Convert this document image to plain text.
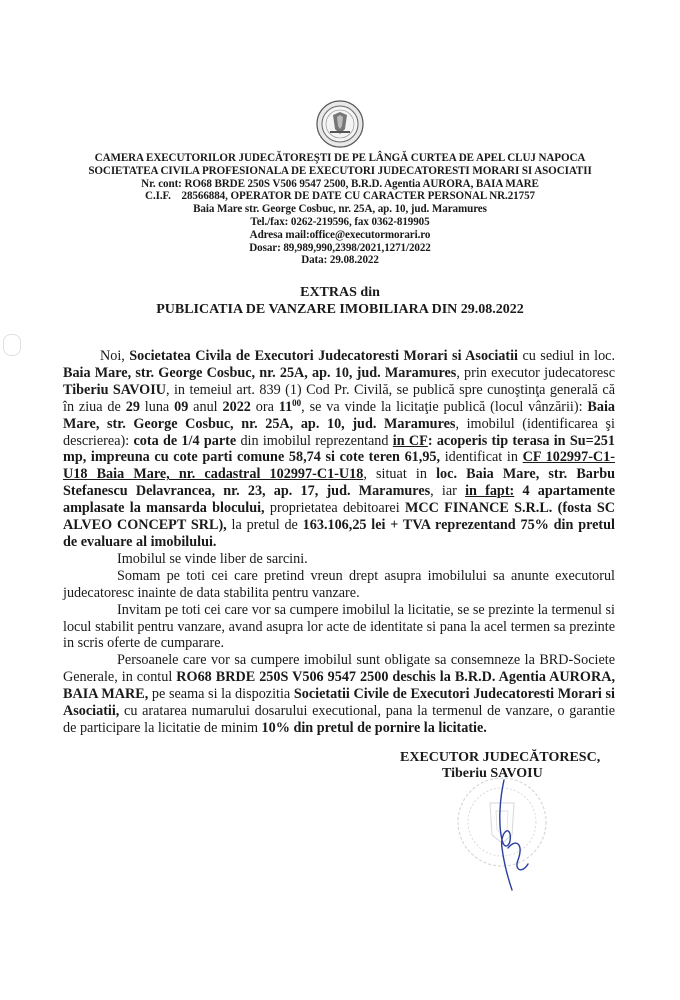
CAMERA EXECUTORILOR JUDECĂTOREŞTI DE PE LÂNGĂ CURTEA DE APEL CLUJ NAPOCA
SOCIETATEA CIVILA PROFESIONALA DE EXECUTORI JUDECATORESTI MORARI SI ASOCIATII
Nr. cont: RO68 BRDE 250S V506 9547 2500, B.R.D. Agentia AURORA, BAIA MARE
C.I.F.    28566884, OPERATOR DE DATE CU CARACTER PERSONAL NR.21757
Baia Mare str. George Cosbuc, nr. 25A, ap. 10, jud. Maramures
Tel./fax: 0262-219596, fax 0362-819905
Adresa mail:office@executormorari.ro
Dosar: 89,989,990,2398/2021,1271/2022
Data: 29.08.2022
EXTRAS din
PUBLICATIA DE VANZARE IMOBILIARA DIN 29.08.2022

Noi, Societatea Civila de Executori Judecatoresti Morari si Asociatii cu sediul in loc. Baia Mare, str. George Cosbuc, nr. 25A, ap. 10, jud. Maramures, prin executor judecatoresc Tiberiu SAVOIU, in temeiul art. 839 (1) Cod Pr. Civilă, se publică spre cunoştinţa generală că în ziua de 29 luna 09 anul 2022 ora $11^{00}$, se va vinde la licitaţie publică (locul vânzării): Baia Mare, str. George Cosbuc, nr. 25A, ap. 10, jud. Maramures, imobilul (identificarea şi descrierea): cota de 1/4 parte din imobilul reprezentand in CF: acoperis tip terasa in Su=251 mp, impreuna cu cote parti comune 58,74 si cote teren 61,95, identificat in CF 102997-C1-U18 Baia Mare, nr. cadastral 102997-C1-U18, situat in loc. Baia Mare, str. Barbu Stefanescu Delavrancea, nr. 23, ap. 17, jud. Maramures, iar in fapt: 4 apartamente amplasate la mansarda blocului, proprietatea debitoarei MCC FINANCE S.R.L. (fosta SC ALVEO CONCEPT SRL), la pretul de 163.106,25 lei + TVA reprezentand 75% din pretul de evaluare al imobilului.

Imobilul se vinde liber de sarcini.

Somam pe toti cei care pretind vreun drept asupra imobilului sa anunte executorul judecatoresc inainte de data stabilita pentru vanzare.

Invitam pe toti cei care vor sa cumpere imobilul la licitatie, se se prezinte la termenul si locul stabilit pentru vanzare, avand asupra lor acte de identitate si pana la acel termen sa prezinte in scris oferte de cumparare.

Persoanele care vor sa cumpere imobilul sunt obligate sa consemneze la BRD-Societe Generale, in contul RO68 BRDE 250S V506 9547 2500 deschis la B.R.D. Agentia AURORA, BAIA MARE, pe seama si la dispozitia Societatii Civile de Executori Judecatoresti Morari si Asociatii, cu aratarea numarului dosarului executional, pana la termenul de vanzare, o garantie de participare la licitatie de minim 10% din pretul de pornire la licitatie.

EXECUTOR JUDECĂTORESC,
Tiberiu SAVOIU
